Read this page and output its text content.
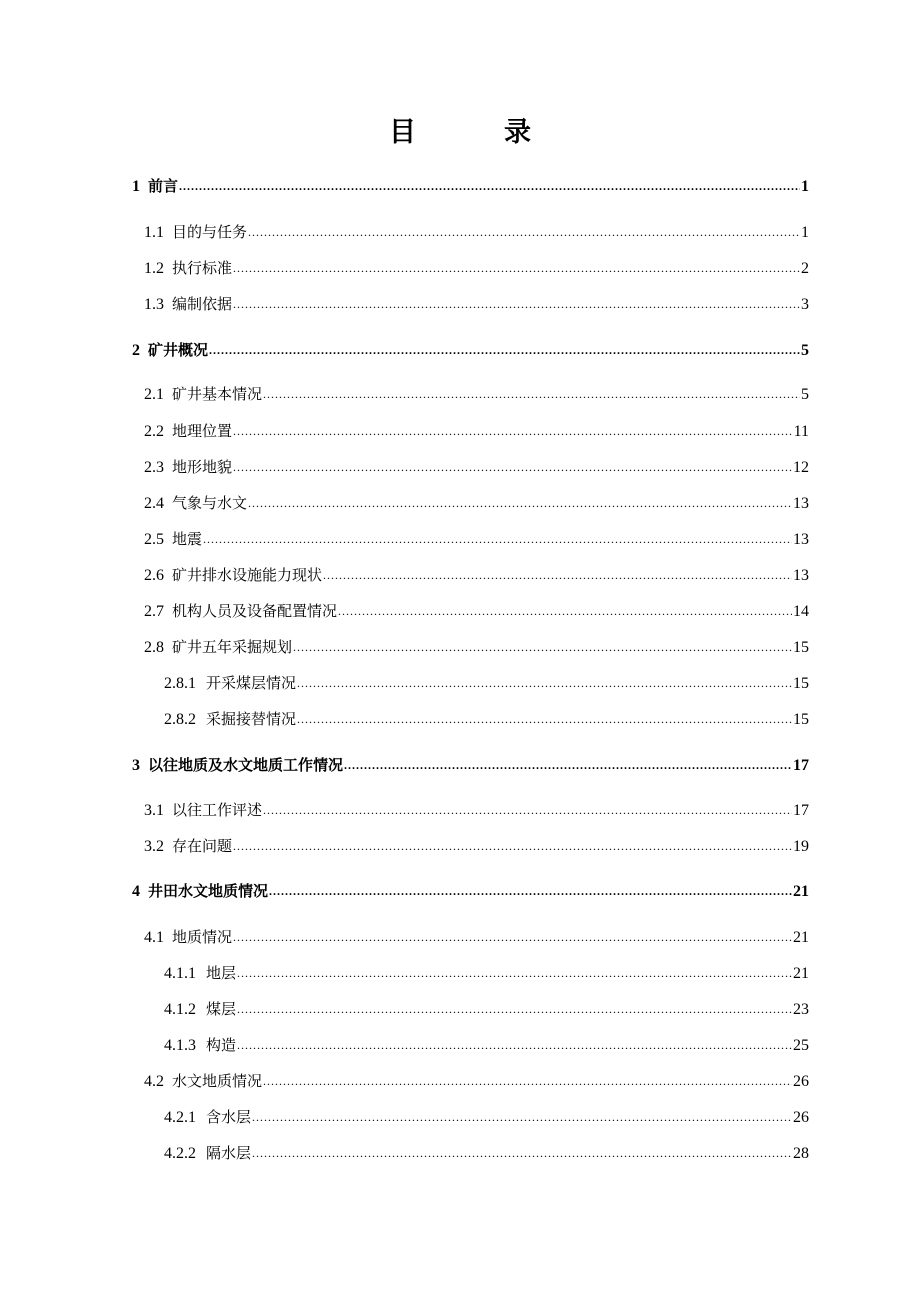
目	录
1 前言 .....	1
1.1 目的与任务 .....	1
1.2 执行标准 .....	2
1.3 编制依据 .....	3
2 矿井概况 .....	5
2.1 矿井基本情况 .....	5
2.2 地理位置 .....	11
2.3 地形地貌 .....	12
2.4 气象与水文 .....	13
2.5 地震 .....	13
2.6 矿井排水设施能力现状 .....	13
2.7 机构人员及设备配置情况 .....	14
2.8 矿井五年采掘规划 .....	15
2.8.1 开采煤层情况 .....	15
2.8.2 采掘接替情况 .....	15
3 以往地质及水文地质工作情况 .....	17
3.1 以往工作评述 .....	17
3.2 存在问题 .....	19
4 井田水文地质情况 .....	21
4.1 地质情况 .....	21
4.1.1 地层 .....	21
4.1.2 煤层 .....	23
4.1.3 构造 .....	25
4.2 水文地质情况 .....	26
4.2.1 含水层 .....	26
4.2.2 隔水层 .....	28
